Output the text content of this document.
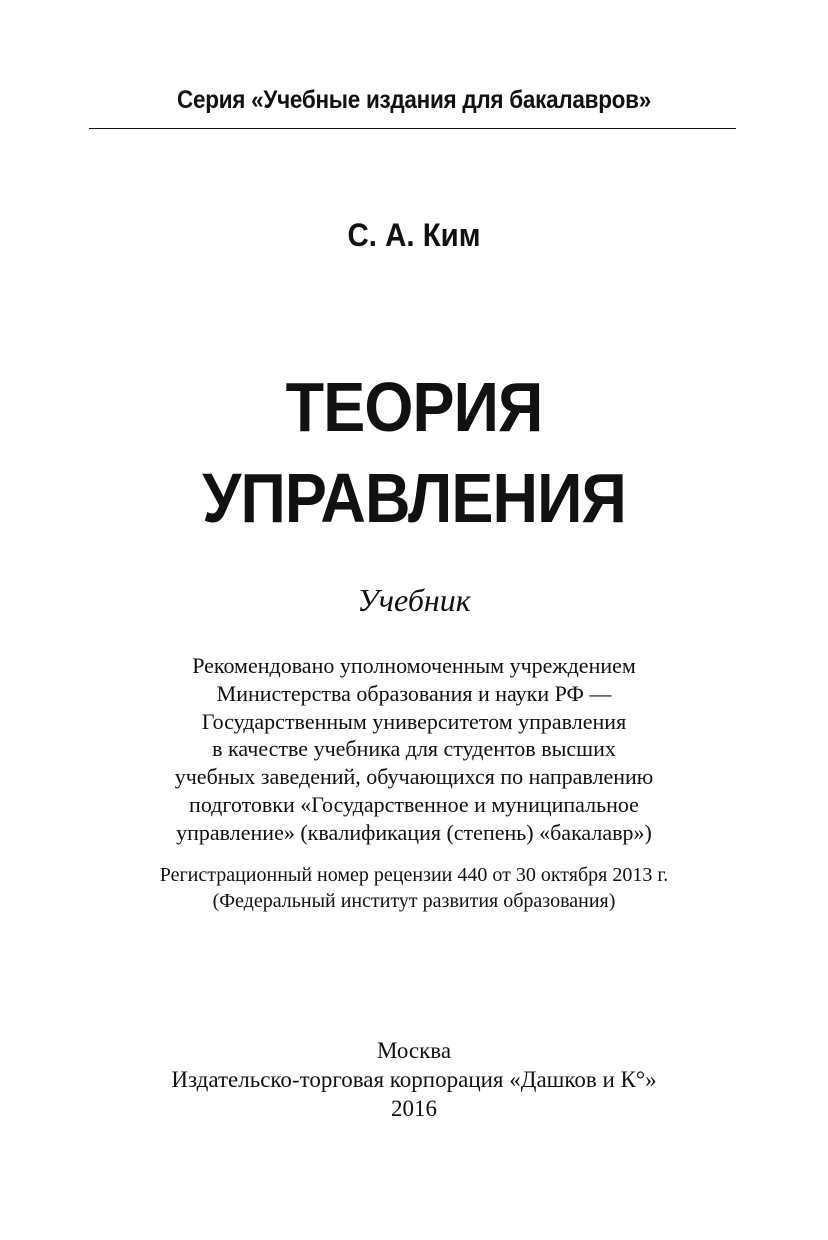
Серия «Учебные издания для бакалавров»
С. А. Ким
ТЕОРИЯ
УПРАВЛЕНИЯ
Учебник
Рекомендовано уполномоченным учреждением
Министерства образования и науки РФ —
Государственным университетом управления
в качестве учебника для студентов высших
учебных заведений, обучающихся по направлению
подготовки «Государственное и муниципальное
управление» (квалификация (степень) «бакалавр»)
Регистрационный номер рецензии 440 от 30 октября 2013 г.
(Федеральный институт развития образования)
Москва
Издательско-торговая корпорация «Дашков и К°»
2016
